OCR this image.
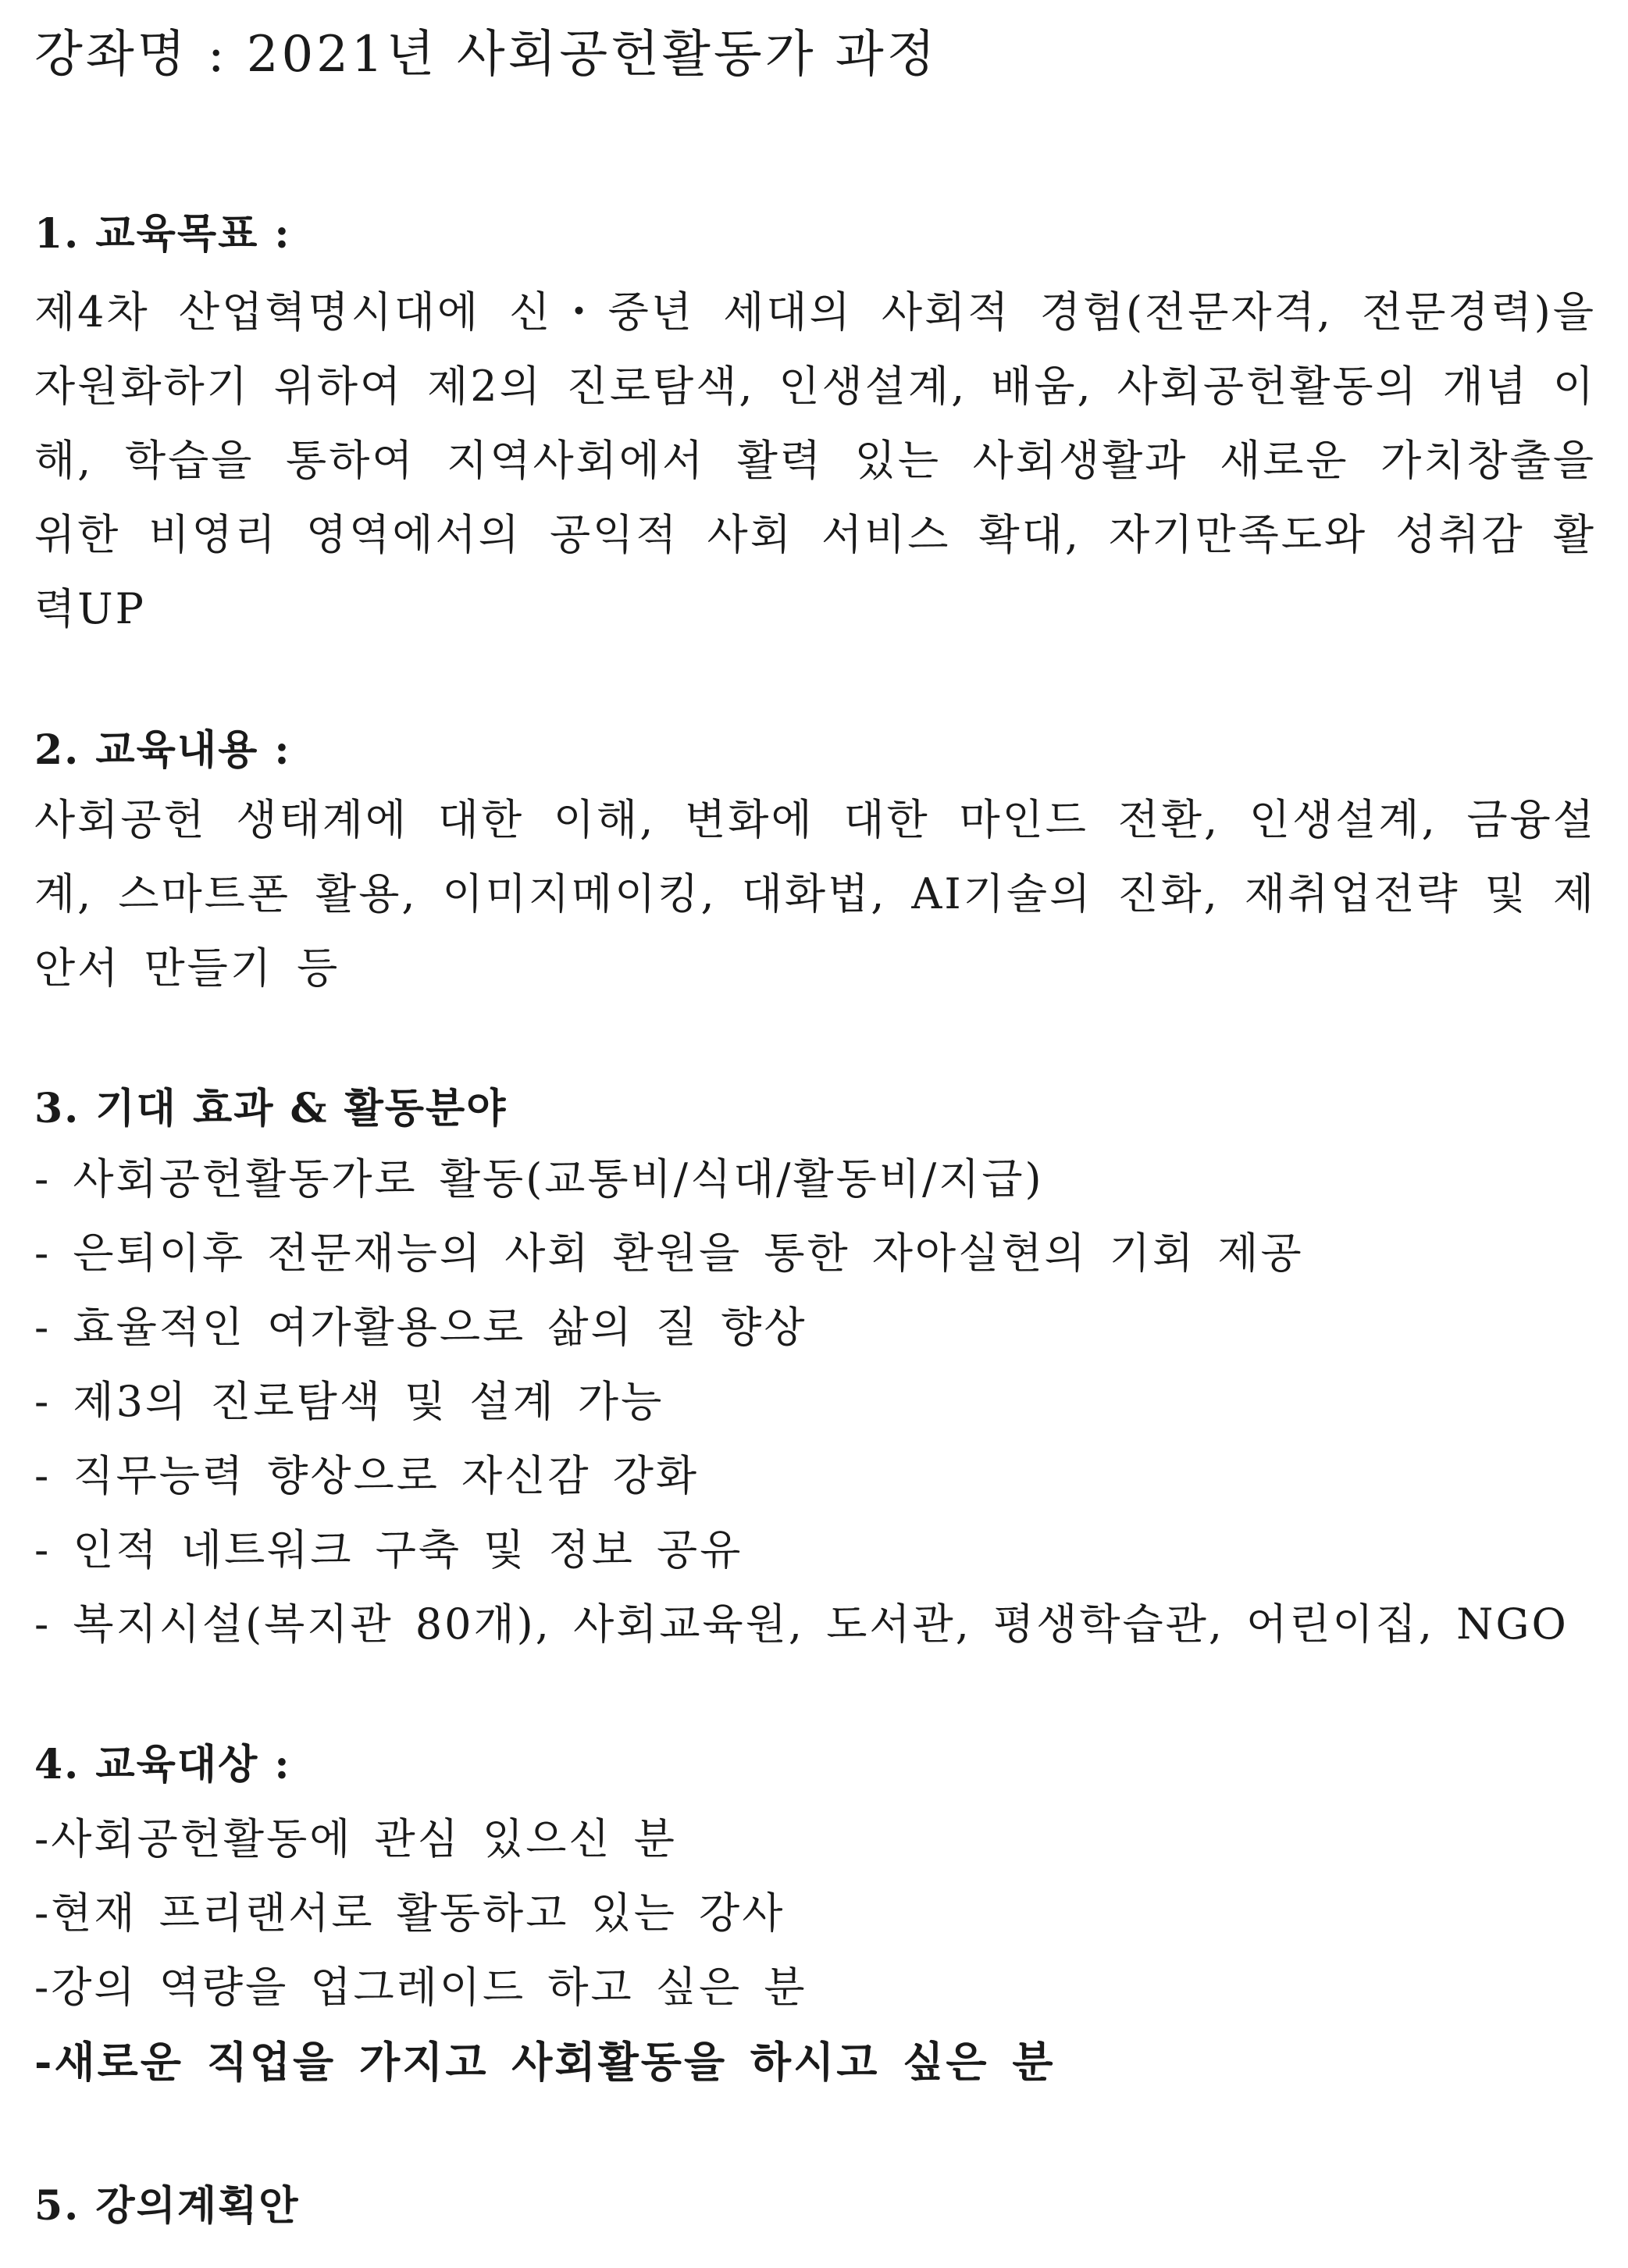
강좌명 : 2021년 사회공헌활동가 과정
1. 교육목표 :
제4차 산업혁명시대에 신・중년 세대의 사회적 경험(전문자격, 전문경력)을 자원화하기 위하여 제2의 진로탐색, 인생설계, 배움, 사회공헌활동의 개념 이해, 학습을 통하여 지역사회에서 활력 있는 사회생활과 새로운 가치창출을 위한 비영리 영역에서의 공익적 사회 서비스 확대, 자기만족도와 성취감 활력UP
2. 교육내용 :
사회공헌 생태계에 대한 이해, 변화에 대한 마인드 전환, 인생설계, 금융설계, 스마트폰 활용, 이미지메이킹, 대화법, AI기술의 진화, 재취업전략 및 제안서 만들기 등
3. 기대 효과 & 활동분야
- 사회공헌활동가로 활동(교통비/식대/활동비/지급)
- 은퇴이후 전문재능의 사회 환원을 통한 자아실현의 기회 제공
- 효율적인 여가활용으로 삶의 질 향상
- 제3의 진로탐색 및 설계 가능
- 직무능력 향상으로 자신감 강화
- 인적 네트워크 구축 및 정보 공유
- 복지시설(복지관 80개), 사회교육원, 도서관, 평생학습관, 어린이집, NGO
4. 교육대상 :
-사회공헌활동에 관심 있으신 분
-현재 프리랜서로 활동하고 있는 강사
-강의 역량을 업그레이드 하고 싶은 분
-새로운 직업을 가지고 사회활동을 하시고 싶은 분
5. 강의계획안
